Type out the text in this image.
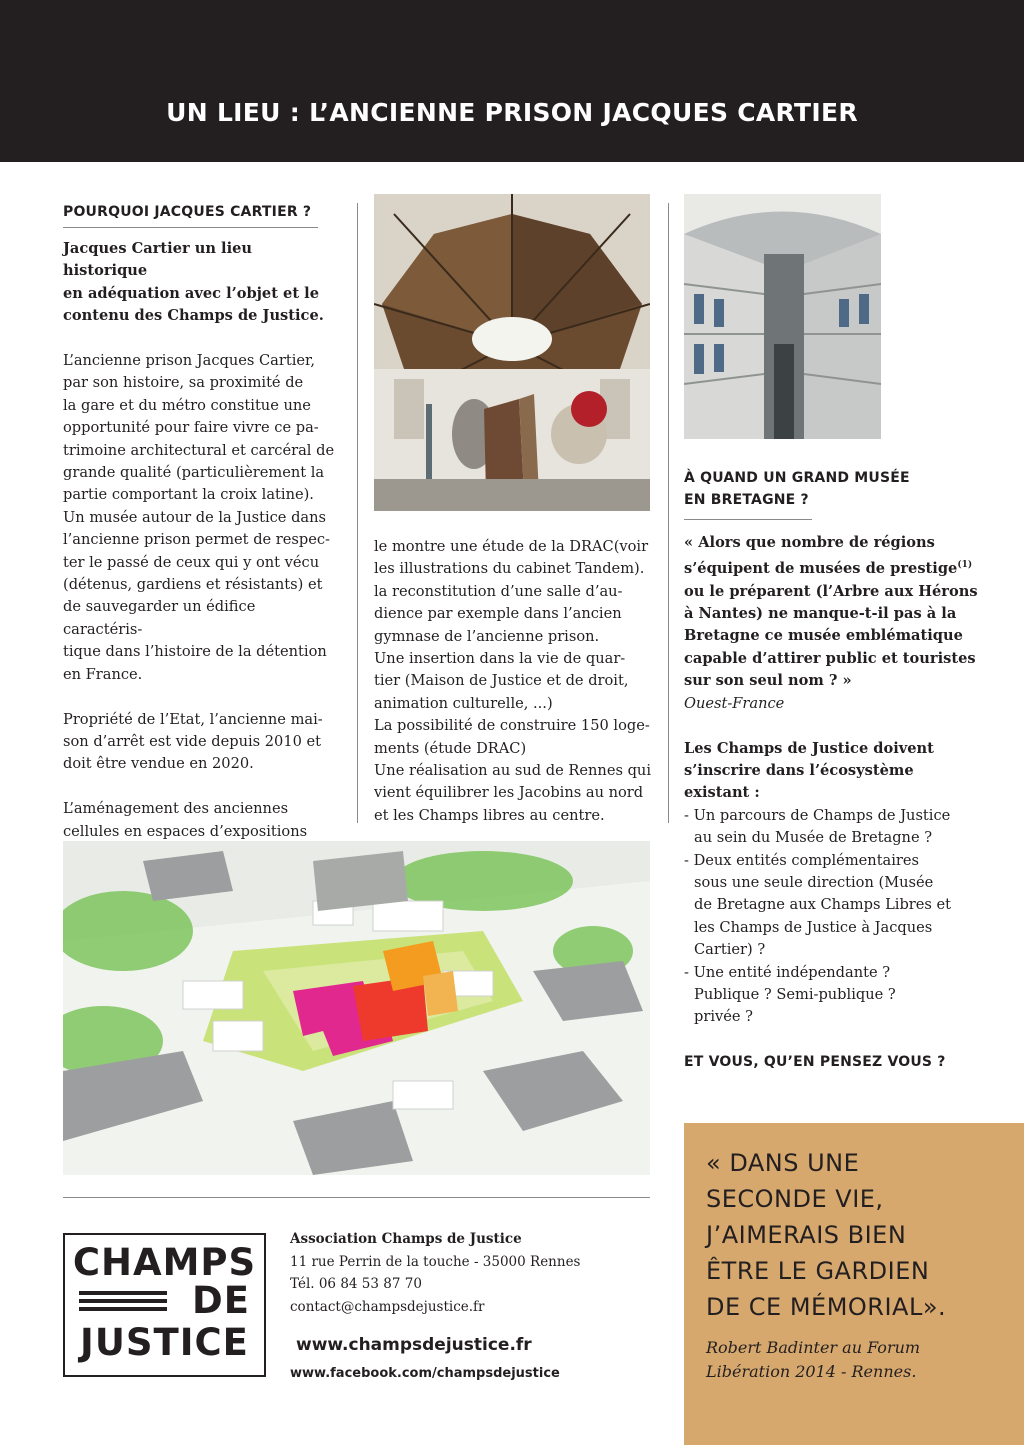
UN LIEU : L’ANCIENNE PRISON JACQUES CARTIER

POURQUOI JACQUES CARTIER ?

Jacques Cartier un lieu historique

en adéquation avec l’objet et le

contenu des Champs de Justice.

L’ancienne prison Jacques Cartier,

par son histoire, sa proximité de

la gare et du métro constitue une

opportunité pour faire vivre ce pa-

trimoine architectural et carcéral de

grande qualité (particulièrement la

partie comportant la croix latine).

Un musée autour de la Justice dans

l’ancienne prison permet de respec-

ter le passé de ceux qui y ont vécu

(détenus, gardiens et résistants) et

de sauvegarder un édifice caractéris-

tique dans l’histoire de la détention

en France.

Propriété de l’Etat, l’ancienne mai-

son d’arrêt est vide depuis 2010 et

doit être vendue en 2020.

L’aménagement des anciennes

cellules en espaces d’expositions

le montre une étude de la DRAC(voir

les illustrations du cabinet Tandem).

la reconstitution d’une salle d’au-

dience par exemple dans l’ancien

gymnase de l’ancienne prison.

Une insertion dans la vie de quar-

tier (Maison de Justice et de droit,

animation culturelle, ...)

La possibilité de construire 150 loge-

ments (étude DRAC)

Une réalisation au sud de Rennes qui

vient équilibrer les Jacobins au nord

et les Champs libres au centre.

À QUAND UN GRAND MUSÉE

EN BRETAGNE ?

« Alors que nombre de régions

s’équipent de musées de prestige$^{(1)}$

ou le préparent (l’Arbre aux Hérons

à Nantes) ne manque-t-il pas à la

Bretagne ce musée emblématique

capable d’attirer public et touristes

sur son seul nom ? »

Ouest-France

Les Champs de Justice doivent

s’inscrire dans l’écosystème

existant :

- Un parcours de Champs de Justice

au sein du Musée de Bretagne ?

- Deux entités complémentaires

sous une seule direction (Musée

de Bretagne aux Champs Libres et

les Champs de Justice à Jacques

Cartier) ?

- Une entité indépendante ?

Publique ? Semi-publique ?

privée ?

ET VOUS, QU’EN PENSEZ VOUS ?

CHAMPS
DE
JUSTICE
Association Champs de Justice
11 rue Perrin de la touche - 35000 Rennes
Tél. 06 84 53 87 70
contact@champsdejustice.fr
www.champsdejustice.fr
www.facebook.com/champsdejustice
« DANS UNE
SECONDE VIE,
J’AIMERAIS BIEN
ÊTRE LE GARDIEN
DE CE MÉMORIAL».
Robert Badinter au Forum
Libération 2014 - Rennes.
